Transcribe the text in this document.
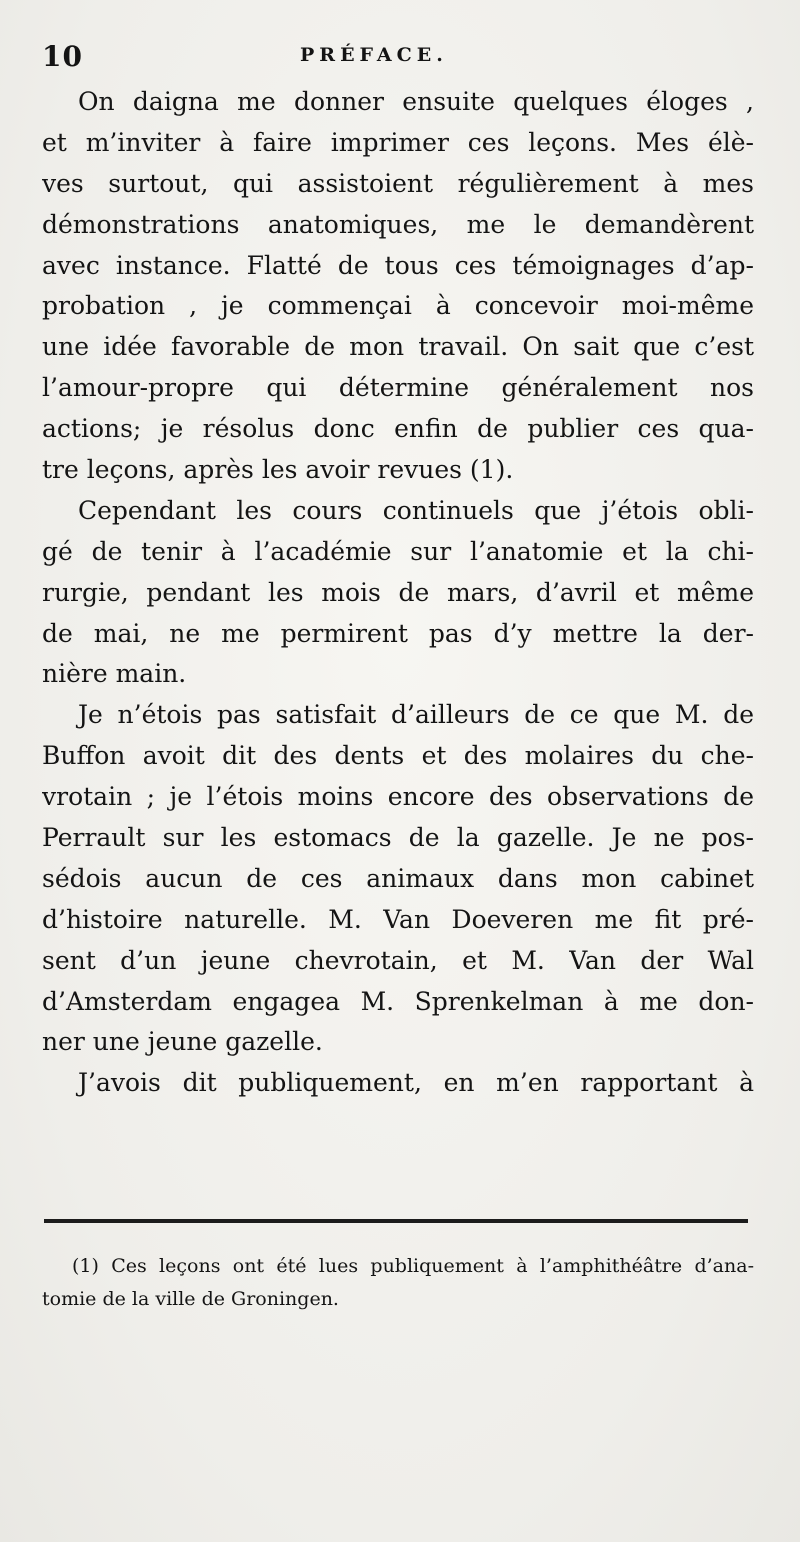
10	PRÉFACE.
On daigna me donner ensuite quelques éloges ,
et m’inviter à faire imprimer ces leçons. Mes élè-
ves surtout, qui assistoient régulièrement à mes
démonstrations anatomiques, me le demandèrent
avec instance. Flatté de tous ces témoignages d’ap-
probation , je commençai à concevoir moi-même
une idée favorable de mon travail. On sait que c’est
l’amour-propre qui détermine généralement nos
actions; je résolus donc enfin de publier ces qua-
tre leçons, après les avoir revues (1).
Cependant les cours continuels que j’étois obli-
gé de tenir à l’académie sur l’anatomie et la chi-
rurgie, pendant les mois de mars, d’avril et même
de mai, ne me permirent pas d’y mettre la der-
nière main.
Je n’étois pas satisfait d’ailleurs de ce que M. de
Buffon avoit dit des dents et des molaires du che-
vrotain ; je l’étois moins encore des observations de
Perrault sur les estomacs de la gazelle. Je ne pos-
sédois aucun de ces animaux dans mon cabinet
d’histoire naturelle. M. Van Doeveren me fit pré-
sent d’un jeune chevrotain, et M. Van der Wal
d’Amsterdam engagea M. Sprenkelman à me don-
ner une jeune gazelle.
J’avois dit publiquement, en m’en rapportant à
(1) Ces leçons ont été lues publiquement à l’amphithéâtre d’ana-
tomie de la ville de Groningen.
